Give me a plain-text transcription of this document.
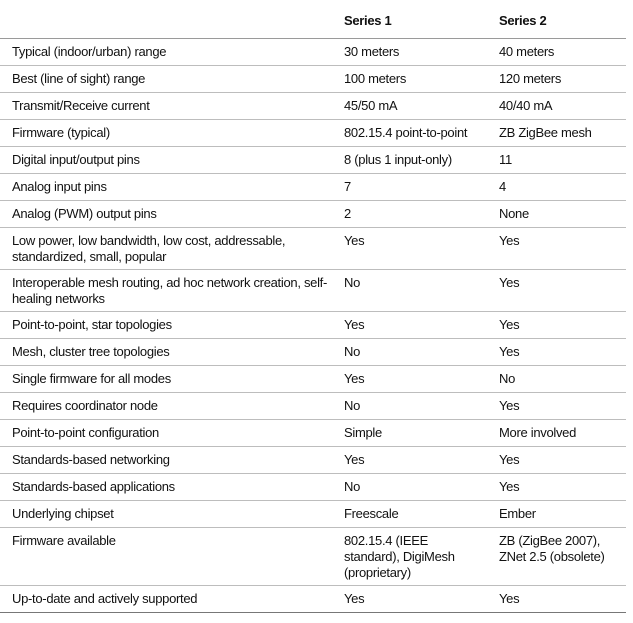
	Series 1	Series 2
Typical (indoor/urban) range	30 meters	40 meters
Best (line of sight) range	100 meters	120 meters
Transmit/Receive current	45/50 mA	40/40 mA
Firmware (typical)	802.15.4 point-to-point	ZB ZigBee mesh
Digital input/output pins	8 (plus 1 input-only)	11
Analog input pins	7	4
Analog (PWM) output pins	2	None
Low power, low bandwidth, low cost, addressable, standardized, small, popular	Yes	Yes
Interoperable mesh routing, ad hoc network creation, self-healing networks	No	Yes
Point-to-point, star topologies	Yes	Yes
Mesh, cluster tree topologies	No	Yes
Single firmware for all modes	Yes	No
Requires coordinator node	No	Yes
Point-to-point configuration	Simple	More involved
Standards-based networking	Yes	Yes
Standards-based applications	No	Yes
Underlying chipset	Freescale	Ember
Firmware available	802.15.4 (IEEE standard), DigiMesh (proprietary)	ZB (ZigBee 2007), ZNet 2.5 (obsolete)
Up-to-date and actively supported	Yes	Yes
